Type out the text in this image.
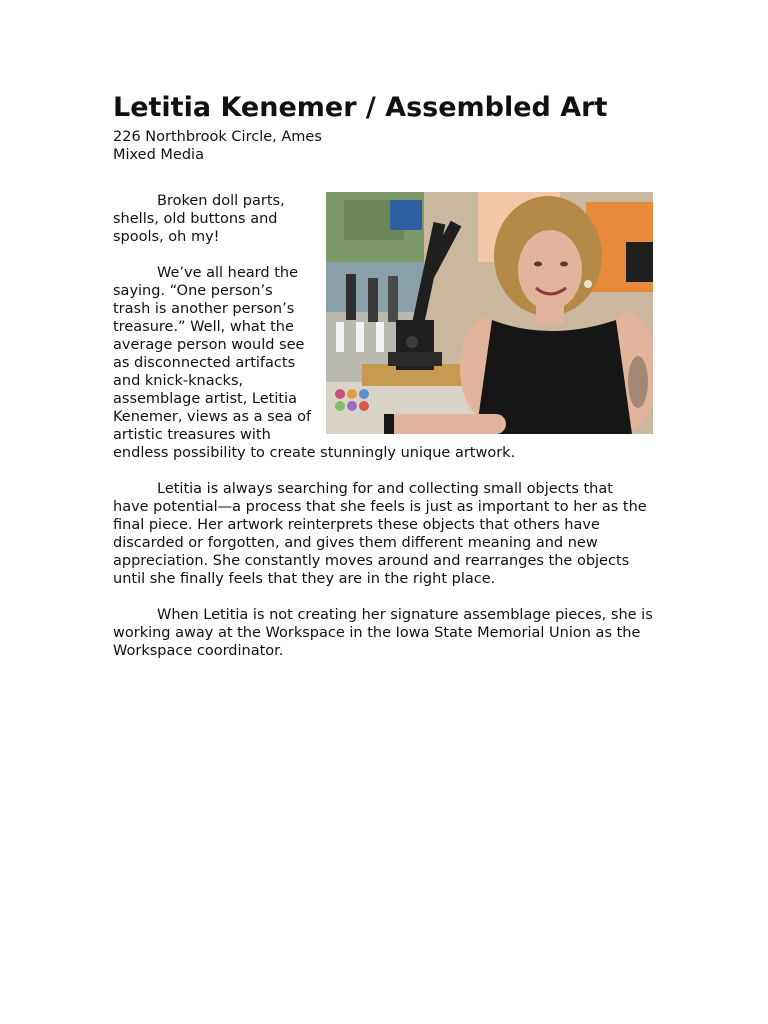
Letitia Kenemer / Assembled Art
226 Northbrook Circle, Ames
Mixed Media

Broken doll parts, shells, old buttons and spools, oh my!

We’ve all heard the saying. “One person’s trash is another person’s treasure.” Well, what the average person would see as disconnected artifacts and knick-knacks, assemblage artist, Letitia Kenemer, views as a sea of artistic treasures with endless possibility to create stunningly unique artwork.

Letitia is always searching for and collecting small objects that have potential—a process that she feels is just as important to her as the final piece. Her artwork reinterprets these objects that others have discarded or forgotten, and gives them different meaning and new appreciation. She constantly moves around and rearranges the objects until she finally feels that they are in the right place.

When Letitia is not creating her signature assemblage pieces, she is working away at the Workspace in the Iowa State Memorial Union as the Workspace coordinator.
